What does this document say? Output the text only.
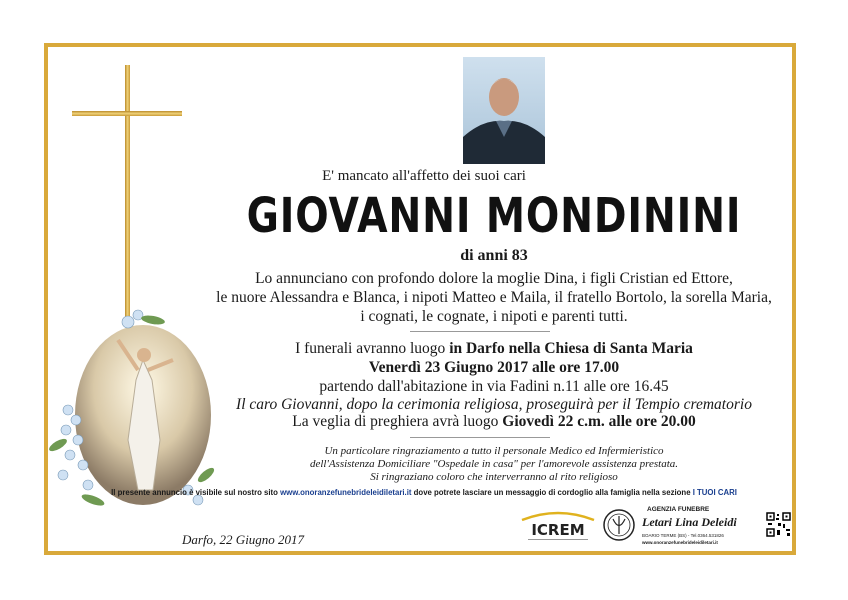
E' mancato all'affetto dei suoi cari
GIOVANNI MONDININI
di anni 83
Lo annunciano con profondo dolore la moglie Dina, i figli Cristian ed Ettore,
le nuore Alessandra e Blanca, i nipoti Matteo e Maila, il fratello Bortolo, la sorella Maria,
i cognati, le cognate, i nipoti e parenti tutti.
I funerali avranno luogo in Darfo nella Chiesa di Santa Maria
Venerdì 23 Giugno 2017 alle ore 17.00
partendo dall'abitazione in via Fadini n.11 alle ore 16.45
Il caro Giovanni, dopo la cerimonia religiosa, proseguirà per il Tempio crematorio
La veglia di preghiera avrà luogo Giovedì 22 c.m. alle ore 20.00
Un particolare ringraziamento a tutto il personale Medico ed Infermieristico
dell'Assistenza Domiciliare "Ospedale in casa" per l'amorevole assistenza prestata.
Si ringraziano coloro che interverranno al rito religioso
Il presente annuncio è visibile sul nostro sito www.onoranzefunebrideleidiletari.it dove potrete lasciare un messaggio di cordoglio alla famiglia nella sezione I TUOI CARI
Darfo, 22 Giugno 2017
ICREM
AGENZIA FUNEBRE
Letari Lina Deleidi
BOARIO TERME (BS) - Tel.0364.531826
www.onoranzefunebrideleidiletari.it
